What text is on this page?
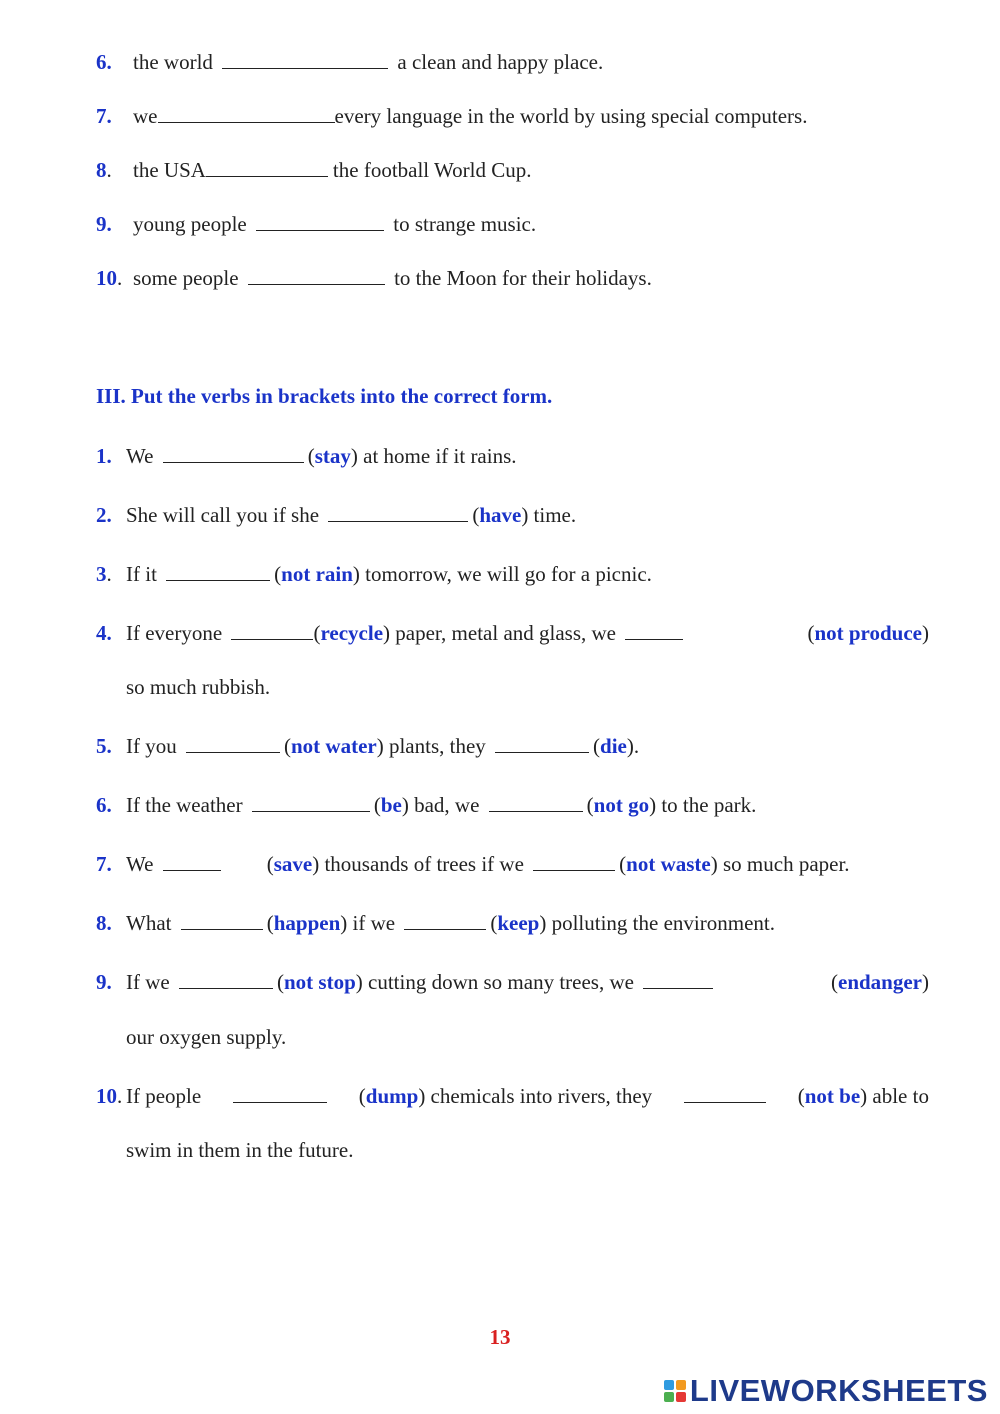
6. the world	a clean and happy place.
7. we	every language in the world by using special computers.
8. the USA	the football World Cup.
9. young people	to strange music.
10. some people	to the Moon for their holidays.
III. Put the verbs in brackets into the correct form.
1. We	(stay) at home if it rains.
2. She will call you if she	(have) time.
3. If it	(not rain) tomorrow, we will go for a picnic.
4. If everyone	(recycle) paper, metal and glass, we	(not produce)
so much rubbish.
5. If you	(not water) plants, they	(die).
6. If the weather	(be) bad, we	(not go) to the park.
7. We	(save) thousands of trees if we	(not waste) so much paper.
8. What	(happen) if we	(keep) polluting the environment.
9. If we	(not stop) cutting down so many trees, we	(endanger)
our oxygen supply.
10. If people	(dump) chemicals into rivers, they	(not be) able to
swim in them in the future.
13
LIVEWORKSHEETS
